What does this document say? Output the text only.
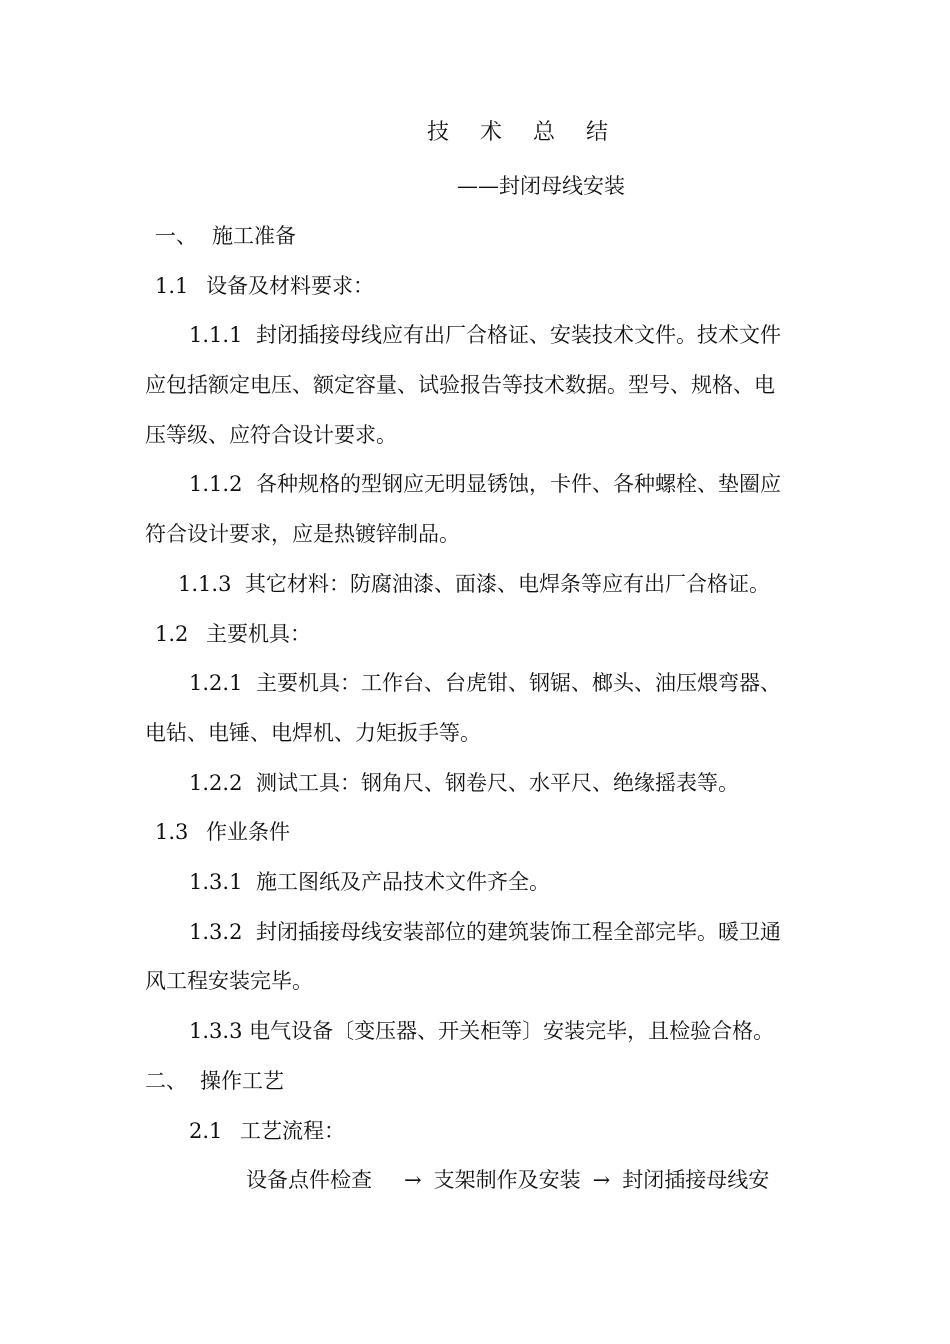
技 术 总 结
——封闭母线安装
一、 施工准备
1.1 设备及材料要求：
1.1.1 封闭插接母线应有出厂合格证、安装技术文件。技术文件
应包括额定电压、额定容量、试验报告等技术数据。型号、规格、电
压等级、应符合设计要求。
1.1.2 各种规格的型钢应无明显锈蚀，卡件、各种螺栓、垫圈应
符合设计要求，应是热镀锌制品。
1.1.3 其它材料：防腐油漆、面漆、电焊条等应有出厂合格证。
1.2 主要机具：
1.2.1 主要机具：工作台、台虎钳、钢锯、榔头、油压煨弯器、
电钻、电锤、电焊机、力矩扳手等。
1.2.2 测试工具：钢角尺、钢卷尺、水平尺、绝缘摇表等。
1.3 作业条件
1.3.1 施工图纸及产品技术文件齐全。
1.3.2 封闭插接母线安装部位的建筑装饰工程全部完毕。暖卫通
风工程安装完毕。
1.3.3 电气设备〔变压器、开关柜等〕安装完毕，且检验合格。
二、 操作工艺
2.1 工艺流程：
设备点件检查 → 支架制作及安装 → 封闭插接母线安
